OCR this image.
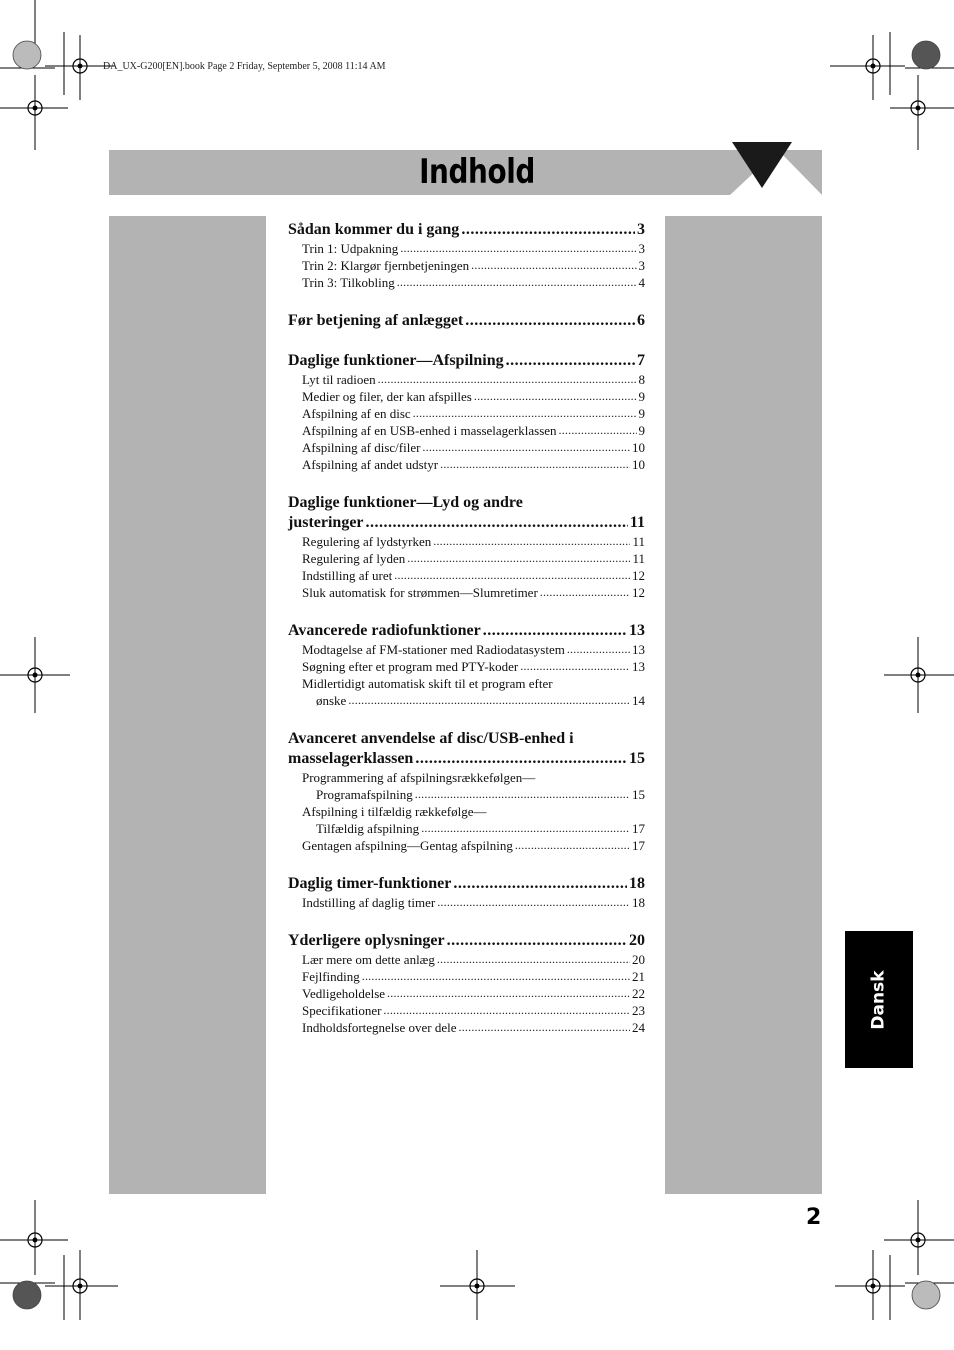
DA_UX-G200[EN].book Page 2 Friday, September 5, 2008 11:14 AM
Indhold
Dansk
2
Sådan kommer du i gang .....	3
Trin 1: Udpakning .....	3
Trin 2: Klargør fjernbetjeningen .....	3
Trin 3: Tilkobling .....	4
Før betjening af anlægget .....	6
Daglige funktioner—Afspilning .....	7
Lyt til radioen .....	8
Medier og filer, der kan afspilles .....	9
Afspilning af en disc .....	9
Afspilning af en USB-enhed i masselagerklassen .....	9
Afspilning af disc/filer .....	10
Afspilning af andet udstyr .....	10
Daglige funktioner—Lyd og andre
justeringer .....	11
Regulering af lydstyrken .....	11
Regulering af lyden .....	11
Indstilling af uret .....	12
Sluk automatisk for strømmen—Slumretimer .....	12
Avancerede radiofunktioner .....	13
Modtagelse af FM-stationer med Radiodatasystem .....	13
Søgning efter et program med PTY-koder .....	13
Midlertidigt automatisk skift til et program efter
ønske .....	14
Avanceret anvendelse af disc/USB-enhed i
masselagerklassen .....	15
Programmering af afspilningsrækkefølgen—
Programafspilning .....	15
Afspilning i tilfældig rækkefølge—
Tilfældig afspilning .....	17
Gentagen afspilning—Gentag afspilning .....	17
Daglig timer-funktioner .....	18
Indstilling af daglig timer .....	18
Yderligere oplysninger .....	20
Lær mere om dette anlæg .....	20
Fejlfinding .....	21
Vedligeholdelse .....	22
Specifikationer .....	23
Indholdsfortegnelse over dele .....	24
